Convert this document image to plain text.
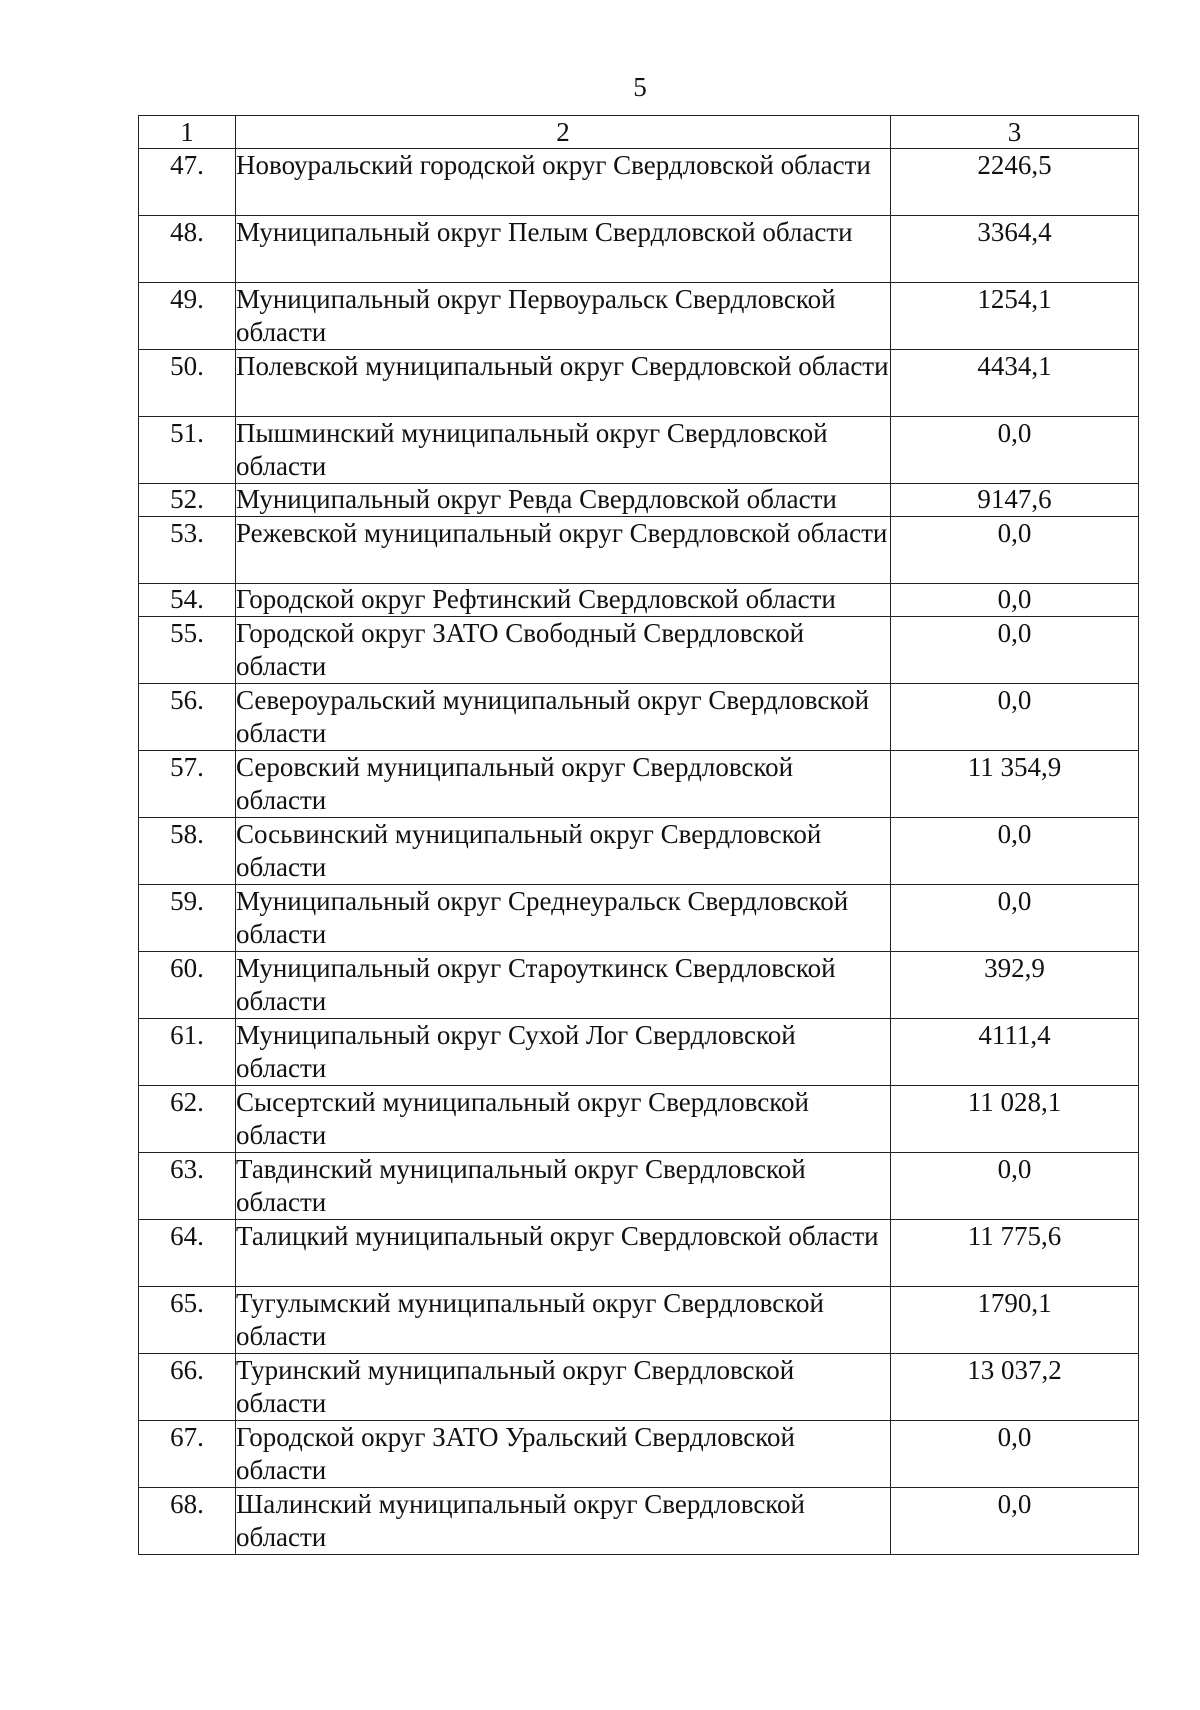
5
1	2	3
47.	Новоуральский городской округ Свердловской области	2246,5
48.	Муниципальный округ Пелым Свердловской области	3364,4
49.	Муниципальный округ Первоуральск Свердловской области	1254,1
50.	Полевской муниципальный округ Свердловской области	4434,1
51.	Пышминский муниципальный округ Свердловской области	0,0
52.	Муниципальный округ Ревда Свердловской области	9147,6
53.	Режевской муниципальный округ Свердловской области	0,0
54.	Городской округ Рефтинский Свердловской области	0,0
55.	Городской округ ЗАТО Свободный Свердловской области	0,0
56.	Североуральский муниципальный округ Свердловской области	0,0
57.	Серовский муниципальный округ Свердловской области	11 354,9
58.	Сосьвинский муниципальный округ Свердловской области	0,0
59.	Муниципальный округ Среднеуральск Свердловской области	0,0
60.	Муниципальный округ Староуткинск Свердловской области	392,9
61.	Муниципальный округ Сухой Лог Свердловской области	4111,4
62.	Сысертский муниципальный округ Свердловской области	11 028,1
63.	Тавдинский муниципальный округ Свердловской области	0,0
64.	Талицкий муниципальный округ Свердловской области	11 775,6
65.	Тугулымский муниципальный округ Свердловской области	1790,1
66.	Туринский муниципальный округ Свердловской области	13 037,2
67.	Городской округ ЗАТО Уральский Свердловской области	0,0
68.	Шалинский муниципальный округ Свердловской области	0,0
